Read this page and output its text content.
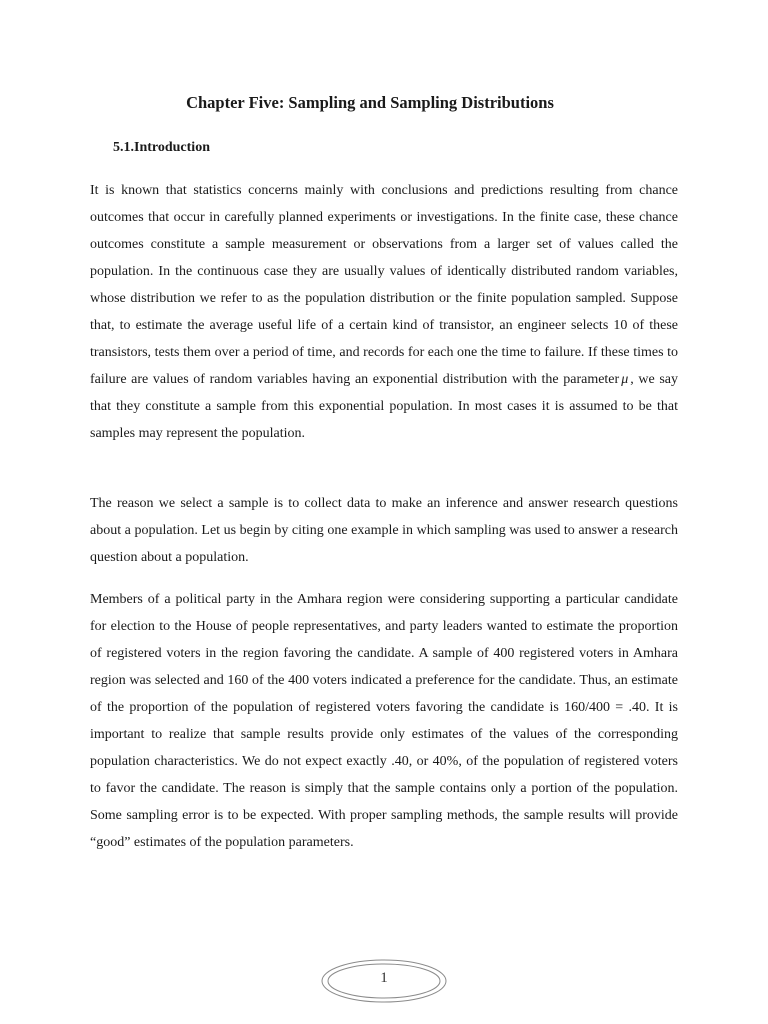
Chapter Five: Sampling and Sampling Distributions
5.1.Introduction

It is known that statistics concerns mainly with conclusions and predictions resulting from chance outcomes that occur in carefully planned experiments or investigations. In the finite case, these chance outcomes constitute a sample measurement or observations from a larger set of values called the population. In the continuous case they are usually values of identically distributed random variables, whose distribution we refer to as the population distribution or the finite population sampled. Suppose that, to estimate the average useful life of a certain kind of transistor, an engineer selects 10 of these transistors, tests them over a period of time, and records for each one the time to failure. If these times to failure are values of random variables having an exponential distribution with the parameter μ , we say that they constitute a sample from this exponential population. In most cases it is assumed to be that samples may represent the population.

The reason we select a sample is to collect data to make an inference and answer research questions about a population. Let us begin by citing one example in which sampling was used to answer a research question about a population.

Members of a political party in the Amhara region were considering supporting a particular candidate for election to the House of people representatives, and party leaders wanted to estimate the proportion of registered voters in the region favoring the candidate. A sample of 400 registered voters in Amhara region was selected and 160 of the 400 voters indicated a preference for the candidate. Thus, an estimate of the proportion of the population of registered voters favoring the candidate is 160/400 = .40. It is important to realize that sample results provide only estimates of the values of the corresponding population characteristics. We do not expect exactly .40, or 40%, of the population of registered voters to favor the candidate. The reason is simply that the sample contains only a portion of the population. Some sampling error is to be expected. With proper sampling methods, the sample results will provide “good” estimates of the population parameters.

1
